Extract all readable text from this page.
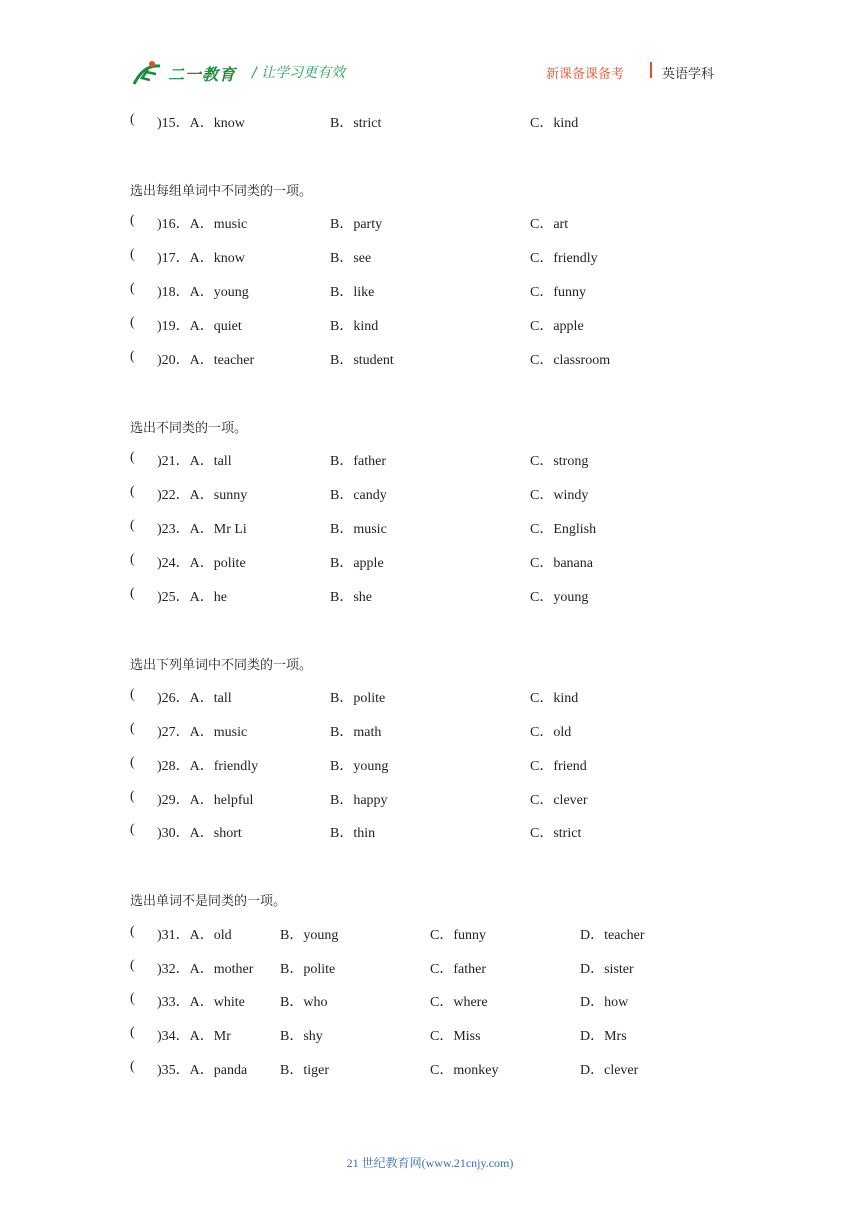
二一教育 / 让学习更有效	新课备课备考	英语学科
( )15．A．know	B．strict	C．kind
选出每组单词中不同类的一项。
( )16．A．music	B．party	C．art
( )17．A．know	B．see	C．friendly
( )18．A．young	B．like	C．funny
( )19．A．quiet	B．kind	C．apple
( )20．A．teacher	B．student	C．classroom
选出不同类的一项。
( )21．A．tall	B．father	C．strong
( )22．A．sunny	B．candy	C．windy
( )23．A．Mr Li	B．music	C．English
( )24．A．polite	B．apple	C．banana
( )25．A．he	B．she	C．young
选出下列单词中不同类的一项。
( )26．A．tall	B．polite	C．kind
( )27．A．music	B．math	C．old
( )28．A．friendly	B．young	C．friend
( )29．A．helpful	B．happy	C．clever
( )30．A．short	B．thin	C．strict
选出单词不是同类的一项。
( )31．A．old	B．young	C．funny	D．teacher
( )32．A．mother B．polite	C．father	D．sister
( )33．A．white	B．who	C．where	D．how
( )34．A．Mr	B．shy	C．Miss	D．Mrs
( )35．A．panda B．tiger	C．monkey	D．clever
21 世纪教育网(www.21cnjy.com)
